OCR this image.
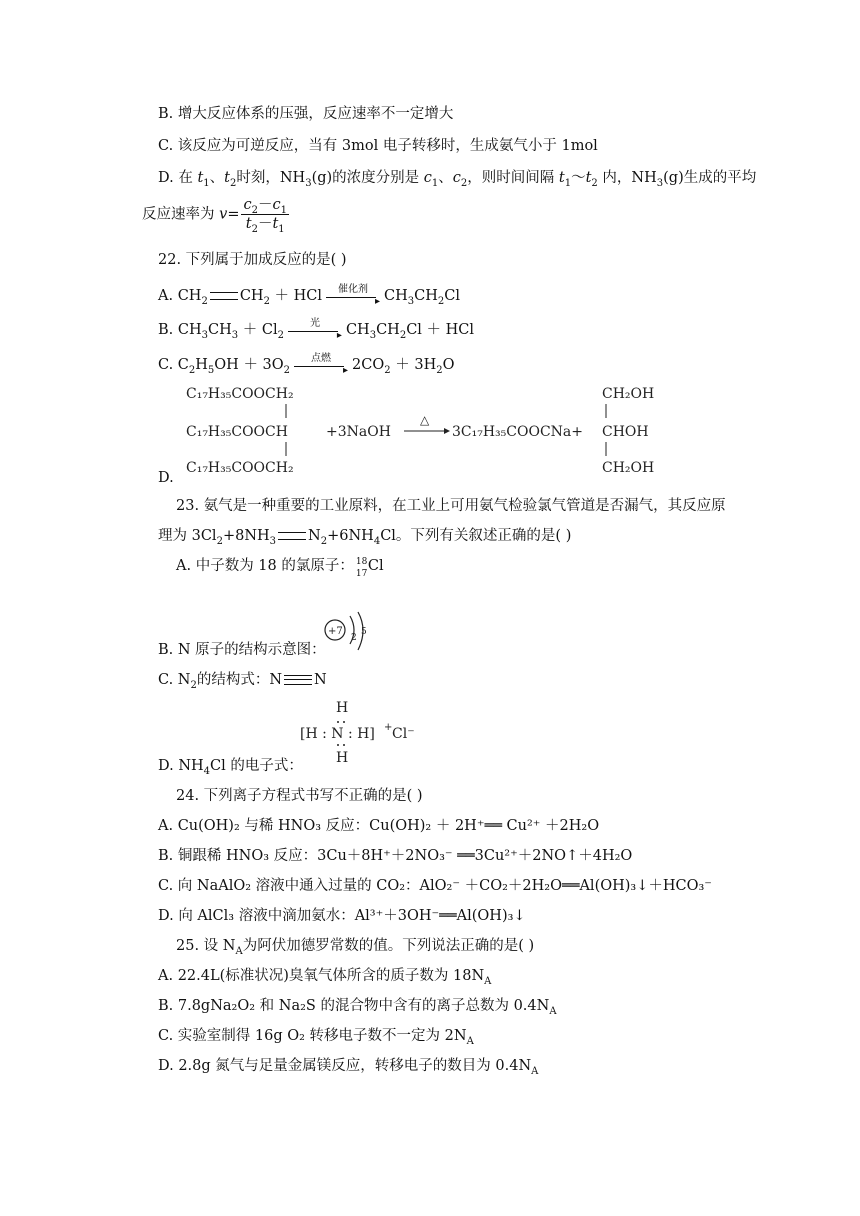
B. 增大反应体系的压强，反应速率不一定增大
C. 该反应为可逆反应，当有 3mol 电子转移时，生成氨气小于 1mol
D. 在 $t_1$、$t_2$时刻，$NH_3(g)$的浓度分别是 $c_1$、$c_2$，则时间间隔 $t_1\sim t_2$ 内，$NH_3(g)$生成的平均
反应速率为 $v= \frac{c_2-c_1}{t_2-t_1}$
22. 下列属于加成反应的是( )
A. $CH_2$ $CH_2$ ＋ HCl	催化剂
▸ $CH_3CH_2Cl$
B. $CH_3CH_3 + Cl_2$
光
▸ $CH_3CH_2Cl$ ＋ HCl
C. $C_2H_5OH + 3O_2$
点燃
▸ $2CO_2 + 3H_2O$
C₁₇H₃₅COOCH₂
C₁₇H₃₅COOCH
C₁₇H₃₅COOCH₂
+3NaOH
△
3C₁₇H₃₅COOCNa+
CH₂OH
CHOH
CH₂OH
D.
23. 氨气是一种重要的工业原料，在工业上可用氨气检验氯气管道是否漏气，其反应原
理为 $3Cl_2+8NH_3$ $N_2+6NH_4Cl$。下列有关叙述正确的是( )
A. 中子数为 18 的氯原子： 18
17 Cl
+7
2
5
B. N 原子的结构示意图：
C. $N_2$的结构式：N N
H
[H : N : H]
H
+ Cl⁻
D. $NH_4Cl$ 的电子式：
24. 下列离子方程式书写不正确的是( )
A. Cu(OH)₂ 与稀 HNO₃ 反应：Cu(OH)₂ ＋ 2H⁺══ Cu²⁺ ＋2H₂O
B. 铜跟稀 HNO₃ 反应：3Cu＋8H⁺＋2NO₃⁻ ══3Cu²⁺＋2NO↑＋4H₂O
C. 向 NaAlO₂ 溶液中通入过量的 CO₂：AlO₂⁻ ＋CO₂＋2H₂O══Al(OH)₃↓＋HCO₃⁻
D. 向 AlCl₃ 溶液中滴加氨水：Al³⁺＋3OH⁻══Al(OH)₃↓
25. 设 $N_A$为阿伏加德罗常数的值。下列说法正确的是( )
A. 22.4L(标准状况)臭氧气体所含的质子数为 $18N_A$
B. 7.8gNa₂O₂ 和 Na₂S 的混合物中含有的离子总数为 $0.4N_A$
C. 实验室制得 16g O₂ 转移电子数不一定为 $2N_A$
D. 2.8g 氮气与足量金属镁反应，转移电子的数目为 $0.4N_A$
